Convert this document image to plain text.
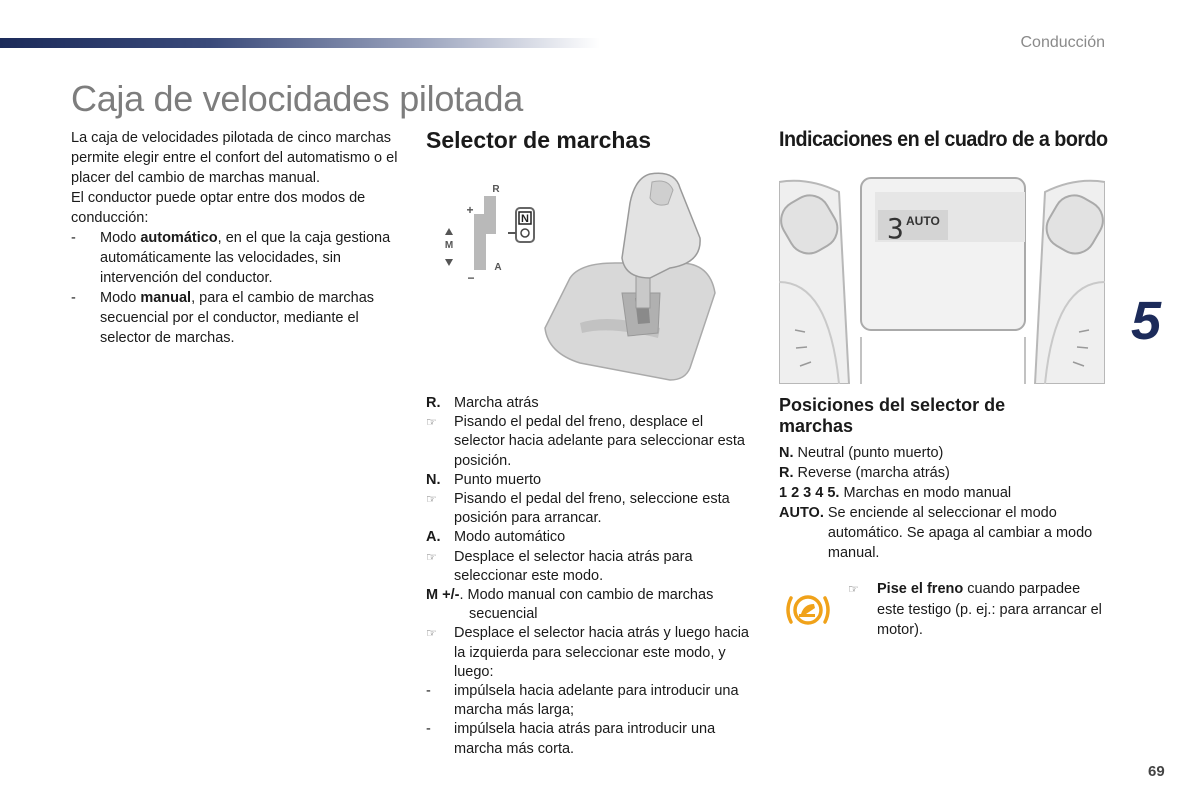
Conducción
Caja de velocidades pilotada

La caja de velocidades pilotada de cinco marchas permite elegir entre el confort del automatismo o el placer del cambio de marchas manual.

El conductor puede optar entre dos modos de conducción:

-	Modo automático, en el que la caja gestiona automáticamente las velocidades, sin intervención del conductor.
-	Modo manual, para el cambio de marchas secuencial por el conductor, mediante el selector de marchas.
Selector de marchas
N
R
A
+
−
M
R. Marcha atrás
☞	Pisando el pedal del freno, desplace el selector hacia adelante para seleccionar esta posición.
N. Punto muerto
☞	Pisando el pedal del freno, seleccione esta posición para arrancar.
A. Modo automático
☞	Desplace el selector hacia atrás para seleccionar este modo.
M +/-. Modo manual con cambio de marchas
secuencial
☞	Desplace el selector hacia atrás y luego hacia la izquierda para seleccionar este modo, y luego:
-	impúlsela hacia adelante para introducir una marcha más larga;
-	impúlsela hacia atrás para introducir una marcha más corta.
Indicaciones en el cuadro de a bordo
3 AUTO
Posiciones del selector de marchas
N. Neutral (punto muerto)
R. Reverse (marcha atrás)
1 2 3 4 5. Marchas en modo manual
AUTO. Se enciende al seleccionar el modo automático. Se apaga al cambiar a modo manual.
☞	Pise el freno cuando parpadee este testigo (p. ej.: para arrancar el motor).
5
69
